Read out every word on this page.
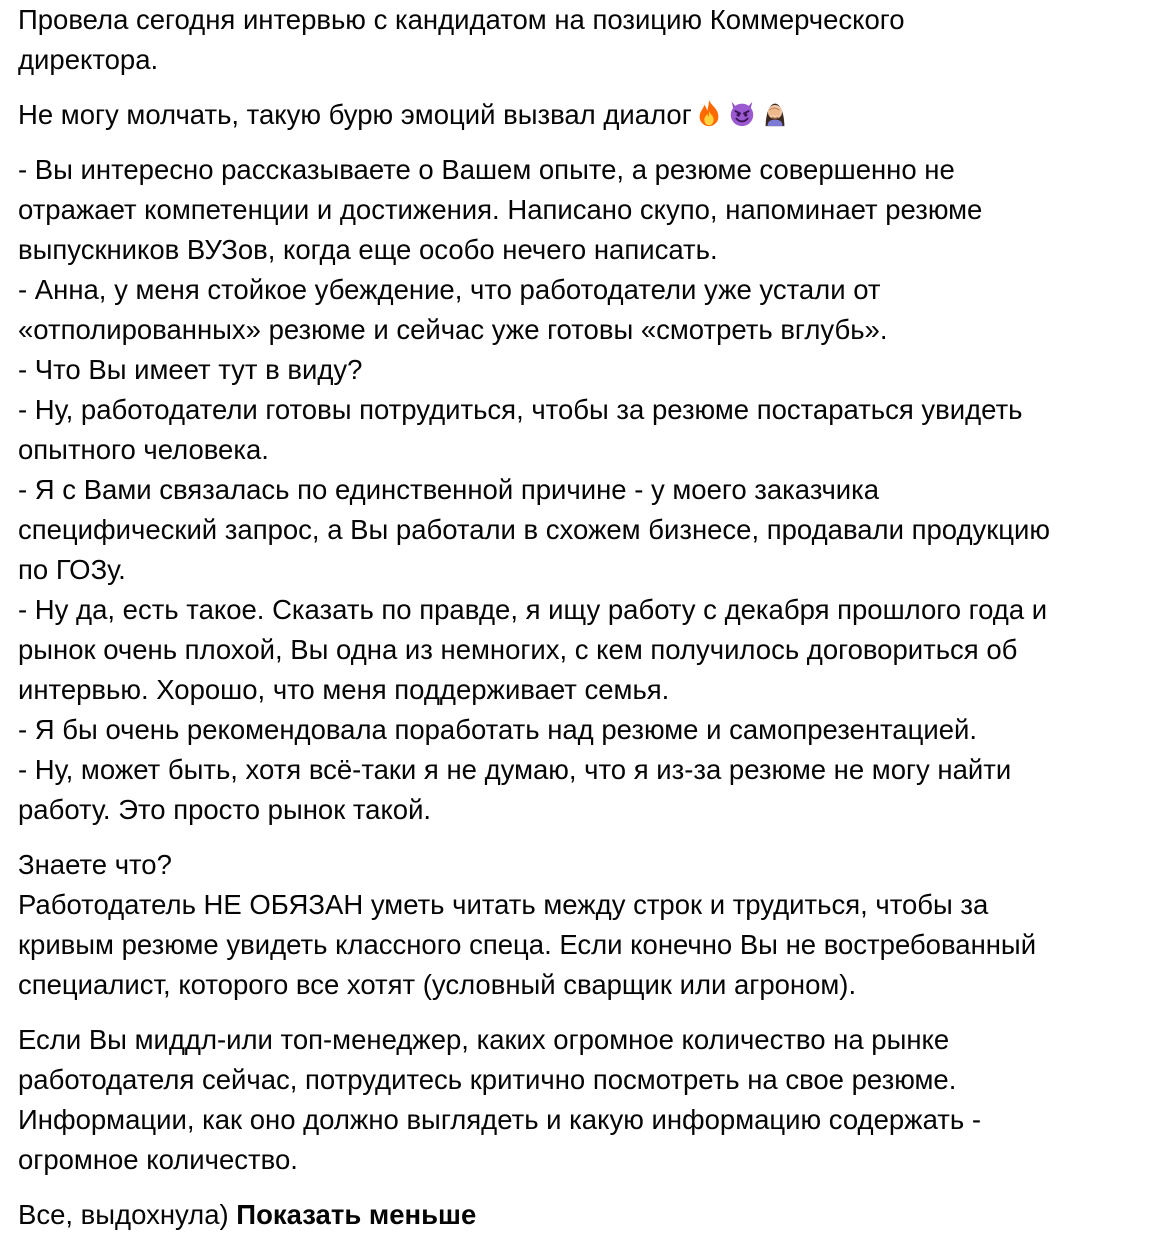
Провела сегодня интервью с кандидатом на позицию Коммерческого
директора.
Не могу молчать, такую бурю эмоций вызвал диалог
- Вы интересно рассказываете о Вашем опыте, а резюме совершенно не
отражает компетенции и достижения. Написано скупо, напоминает резюме
выпускников ВУЗов, когда еще особо нечего написать.
- Анна, у меня стойкое убеждение, что работодатели уже устали от
«отполированных» резюме и сейчас уже готовы «смотреть вглубь».
- Что Вы имеет тут в виду?
- Ну, работодатели готовы потрудиться, чтобы за резюме постараться увидеть
опытного человека.
- Я с Вами связалась по единственной причине - у моего заказчика
специфический запрос, а Вы работали в схожем бизнесе, продавали продукцию
по ГОЗу.
- Ну да, есть такое. Сказать по правде, я ищу работу с декабря прошлого года и
рынок очень плохой, Вы одна из немногих, с кем получилось договориться об
интервью. Хорошо, что меня поддерживает семья.
- Я бы очень рекомендовала поработать над резюме и самопрезентацией.
- Ну, может быть, хотя всё-таки я не думаю, что я из-за резюме не могу найти
работу. Это просто рынок такой.
Знаете что?
Работодатель НЕ ОБЯЗАН уметь читать между строк и трудиться, чтобы за
кривым резюме увидеть классного спеца. Если конечно Вы не востребованный
специалист, которого все хотят (условный сварщик или агроном).
Если Вы миддл-или топ-менеджер, каких огромное количество на рынке
работодателя сейчас, потрудитесь критично посмотреть на свое резюме.
Информации, как оно должно выглядеть и какую информацию содержать -
огромное количество.
Все, выдохнула) Показать меньше
